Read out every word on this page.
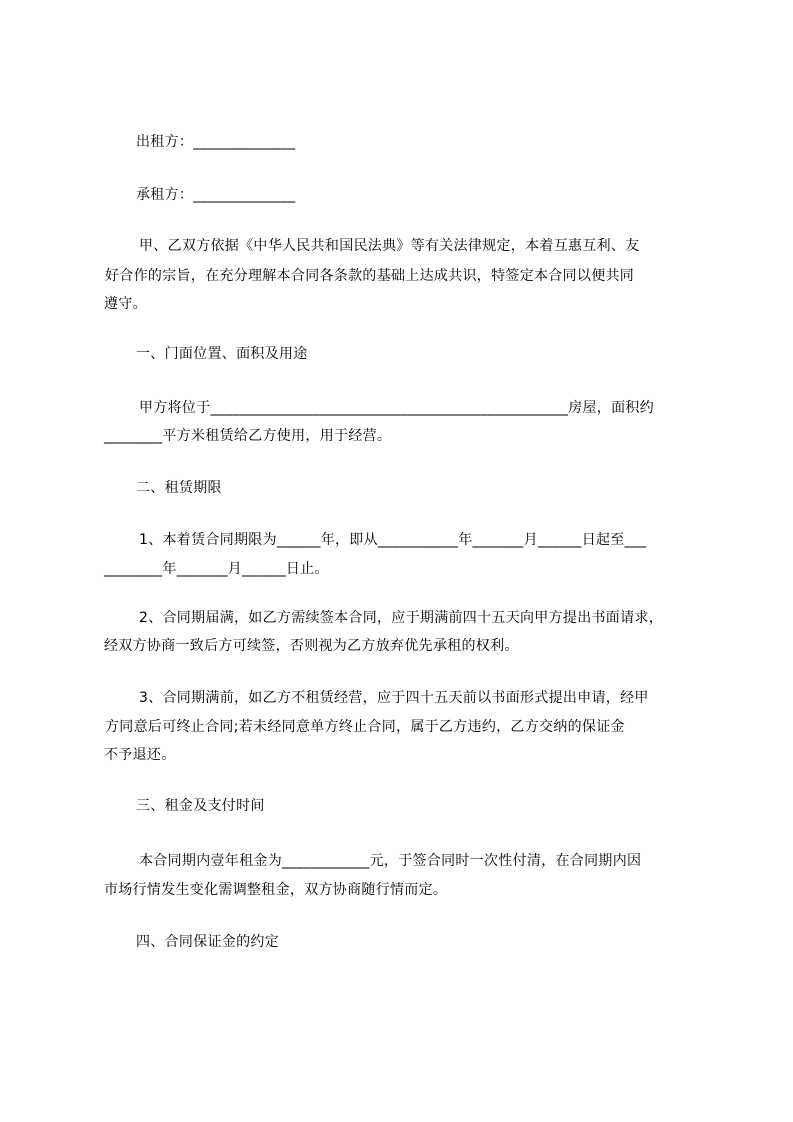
出租方：______________
承租方：______________
甲、乙双方依据《中华人民共和国民法典》等有关法律规定，本着互惠互利、友
好合作的宗旨，在充分理解本合同各条款的基础上达成共识，特签定本合同以便共同
遵守。
一、门面位置、面积及用途
甲方将位于_________________________________________________房屋，面积约
________平方米租赁给乙方使用，用于经营。
二、租赁期限
1、本着赁合同期限为______年，即从___________年_______月______日起至___
________年_______月______日止。
2、合同期届满，如乙方需续签本合同，应于期满前四十五天向甲方提出书面请求，
经双方协商一致后方可续签，否则视为乙方放弃优先承租的权利。
3、合同期满前，如乙方不租赁经营，应于四十五天前以书面形式提出申请，经甲
方同意后可终止合同;若未经同意单方终止合同，属于乙方违约，乙方交纳的保证金
不予退还。
三、租金及支付时间
本合同期内壹年租金为____________元，于签合同时一次性付清，在合同期内因
市场行情发生变化需调整租金，双方协商随行情而定。
四、合同保证金的约定
